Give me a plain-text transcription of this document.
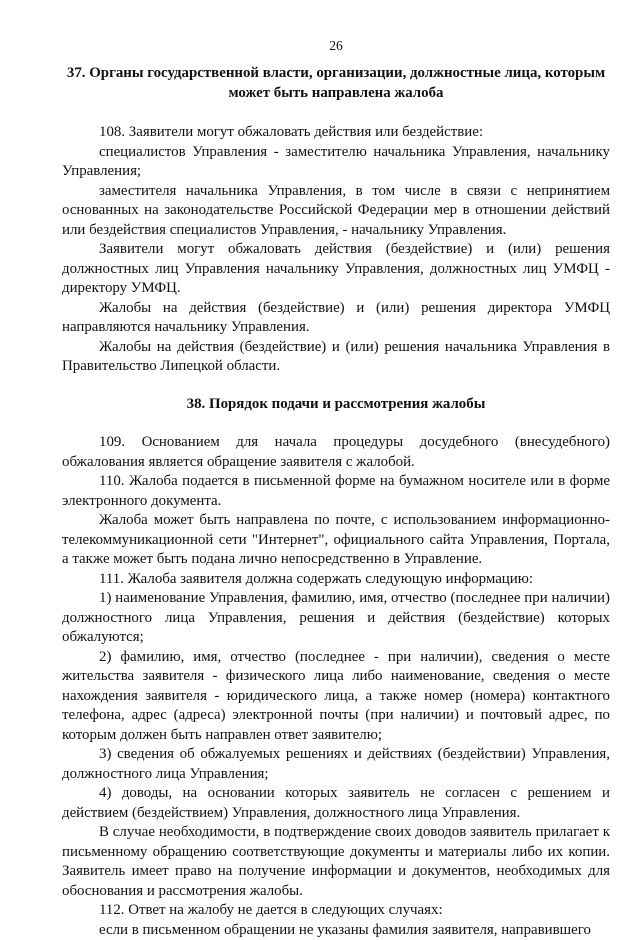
26
37. Органы государственной власти, организации, должностные лица, которым
может быть направлена жалоба

108. Заявители могут обжаловать действия или бездействие:

специалистов Управления - заместителю начальника Управления, начальнику Управления;

заместителя начальника Управления, в том числе в связи с непринятием основанных на законодательстве Российской Федерации мер в отношении действий или бездействия специалистов Управления, - начальнику Управления.

Заявители могут обжаловать действия (бездействие) и (или) решения должностных лиц Управления начальнику Управления, должностных лиц УМФЦ - директору УМФЦ.

Жалобы на действия (бездействие) и (или) решения директора УМФЦ направляются начальнику Управления.

Жалобы на действия (бездействие) и (или) решения начальника Управления в Правительство Липецкой области.

38. Порядок подачи и рассмотрения жалобы

109. Основанием для начала процедуры досудебного (внесудебного) обжалования является обращение заявителя с жалобой.

110. Жалоба подается в письменной форме на бумажном носителе или в форме электронного документа.

Жалоба может быть направлена по почте, с использованием информационно-телекоммуникационной сети "Интернет", официального сайта Управления, Портала, а также может быть подана лично непосредственно в Управление.

111. Жалоба заявителя должна содержать следующую информацию:

1) наименование Управления, фамилию, имя, отчество (последнее при наличии) должностного лица Управления, решения и действия (бездействие) которых обжалуются;

2) фамилию, имя, отчество (последнее - при наличии), сведения о месте жительства заявителя - физического лица либо наименование, сведения о месте нахождения заявителя - юридического лица, а также номер (номера) контактного телефона, адрес (адреса) электронной почты (при наличии) и почтовый адрес, по которым должен быть направлен ответ заявителю;

3) сведения об обжалуемых решениях и действиях (бездействии) Управления, должностного лица Управления;

4) доводы, на основании которых заявитель не согласен с решением и действием (бездействием) Управления, должностного лица Управления.

В случае необходимости, в подтверждение своих доводов заявитель прилагает к письменному обращению соответствующие документы и материалы либо их копии. Заявитель имеет право на получение информации и документов, необходимых для обоснования и рассмотрения жалобы.

112. Ответ на жалобу не дается в следующих случаях:

если в письменном обращении не указаны фамилия заявителя, направившего
